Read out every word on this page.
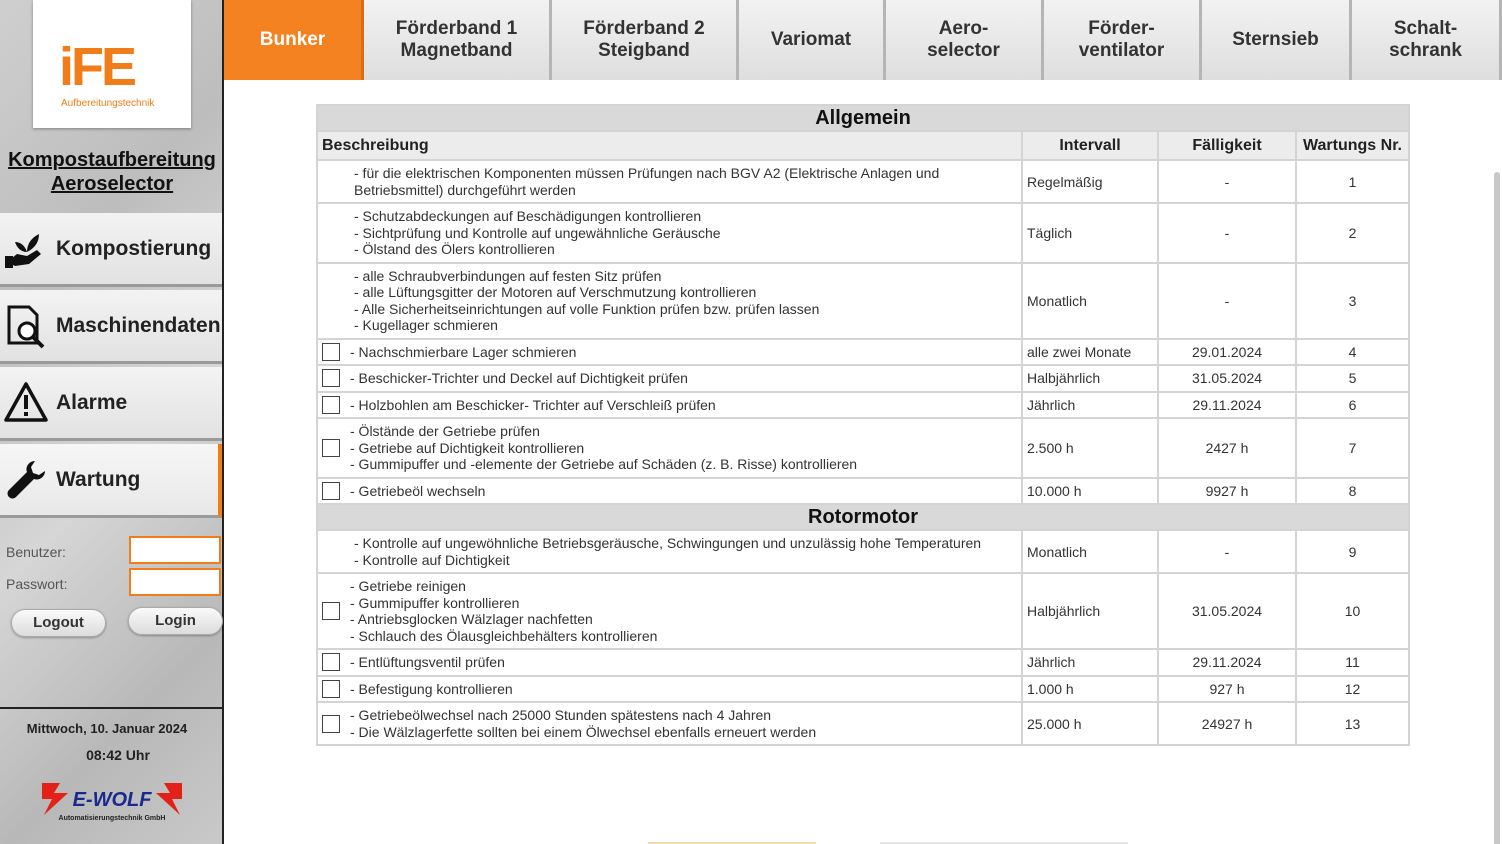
iFE
Aufbereitungstechnik
Kompostaufbereitung
Aeroselector
Kompostierung
Maschinendaten
Alarme
Wartung
Benutzer:
Passwort:
Logout	Login
Mittwoch, 10. Januar 2024
08:42 Uhr
E-WOLF
Automatisierungstechnik GmbH
Bunker
Förderband 1
Magnetband
Förderband 2
Steigband
Variomat
Aero-
selector
Förder-
ventilator
Sternsieb
Schalt-
schrank
Allgemein			
Beschreibung	Intervall	Fälligkeit	Wartungs Nr.

- für die elektrischen Komponenten müssen Prüfungen nach BGV A2 (Elektrische Anlagen und
Betriebsmittel) durchgeführt werden	Regelmäßig	-	1

- Schutzabdeckungen auf Beschädigungen kontrollieren
- Sichtprüfung und Kontrolle auf ungewähnliche Geräusche
- Ölstand des Ölers kontrollieren	Täglich	-	2

- alle Schraubverbindungen auf festen Sitz prüfen
- alle Lüftungsgitter der Motoren auf Verschmutzung kontrollieren
- Alle Sicherheitseinrichtungen auf volle Funktion prüfen bzw. prüfen lassen
- Kugellager schmieren	Monatlich	-	3

- Nachschmierbare Lager schmieren	alle zwei Monate	29.01.2024	4

- Beschicker-Trichter und Deckel auf Dichtigkeit prüfen	Halbjährlich	31.05.2024	5

- Holzbohlen am Beschicker- Trichter auf Verschleiß prüfen	Jährlich	29.11.2024	6

- Ölstände der Getriebe prüfen
- Getriebe auf Dichtigkeit kontrollieren
- Gummipuffer und -elemente der Getriebe auf Schäden (z. B. Risse) kontrollieren	2.500 h	2427 h	7

- Getriebeöl wechseln	10.000 h	9927 h	8
Rotormotor			

- Kontrolle auf ungewöhnliche Betriebsgeräusche, Schwingungen und unzulässig hohe Temperaturen
- Kontrolle auf Dichtigkeit	Monatlich	-	9

- Getriebe reinigen
- Gummipuffer kontrollieren
- Antriebsglocken Wälzlager nachfetten
- Schlauch des Ölausgleichbehälters kontrollieren	Halbjährlich	31.05.2024	10

- Entlüftungsventil prüfen	Jährlich	29.11.2024	11

- Befestigung kontrollieren	1.000 h	927 h	12

- Getriebeölwechsel nach 25000 Stunden spätestens nach 4 Jahren
- Die Wälzlagerfette sollten bei einem Ölwechsel ebenfalls erneuert werden	25.000 h	24927 h	13
